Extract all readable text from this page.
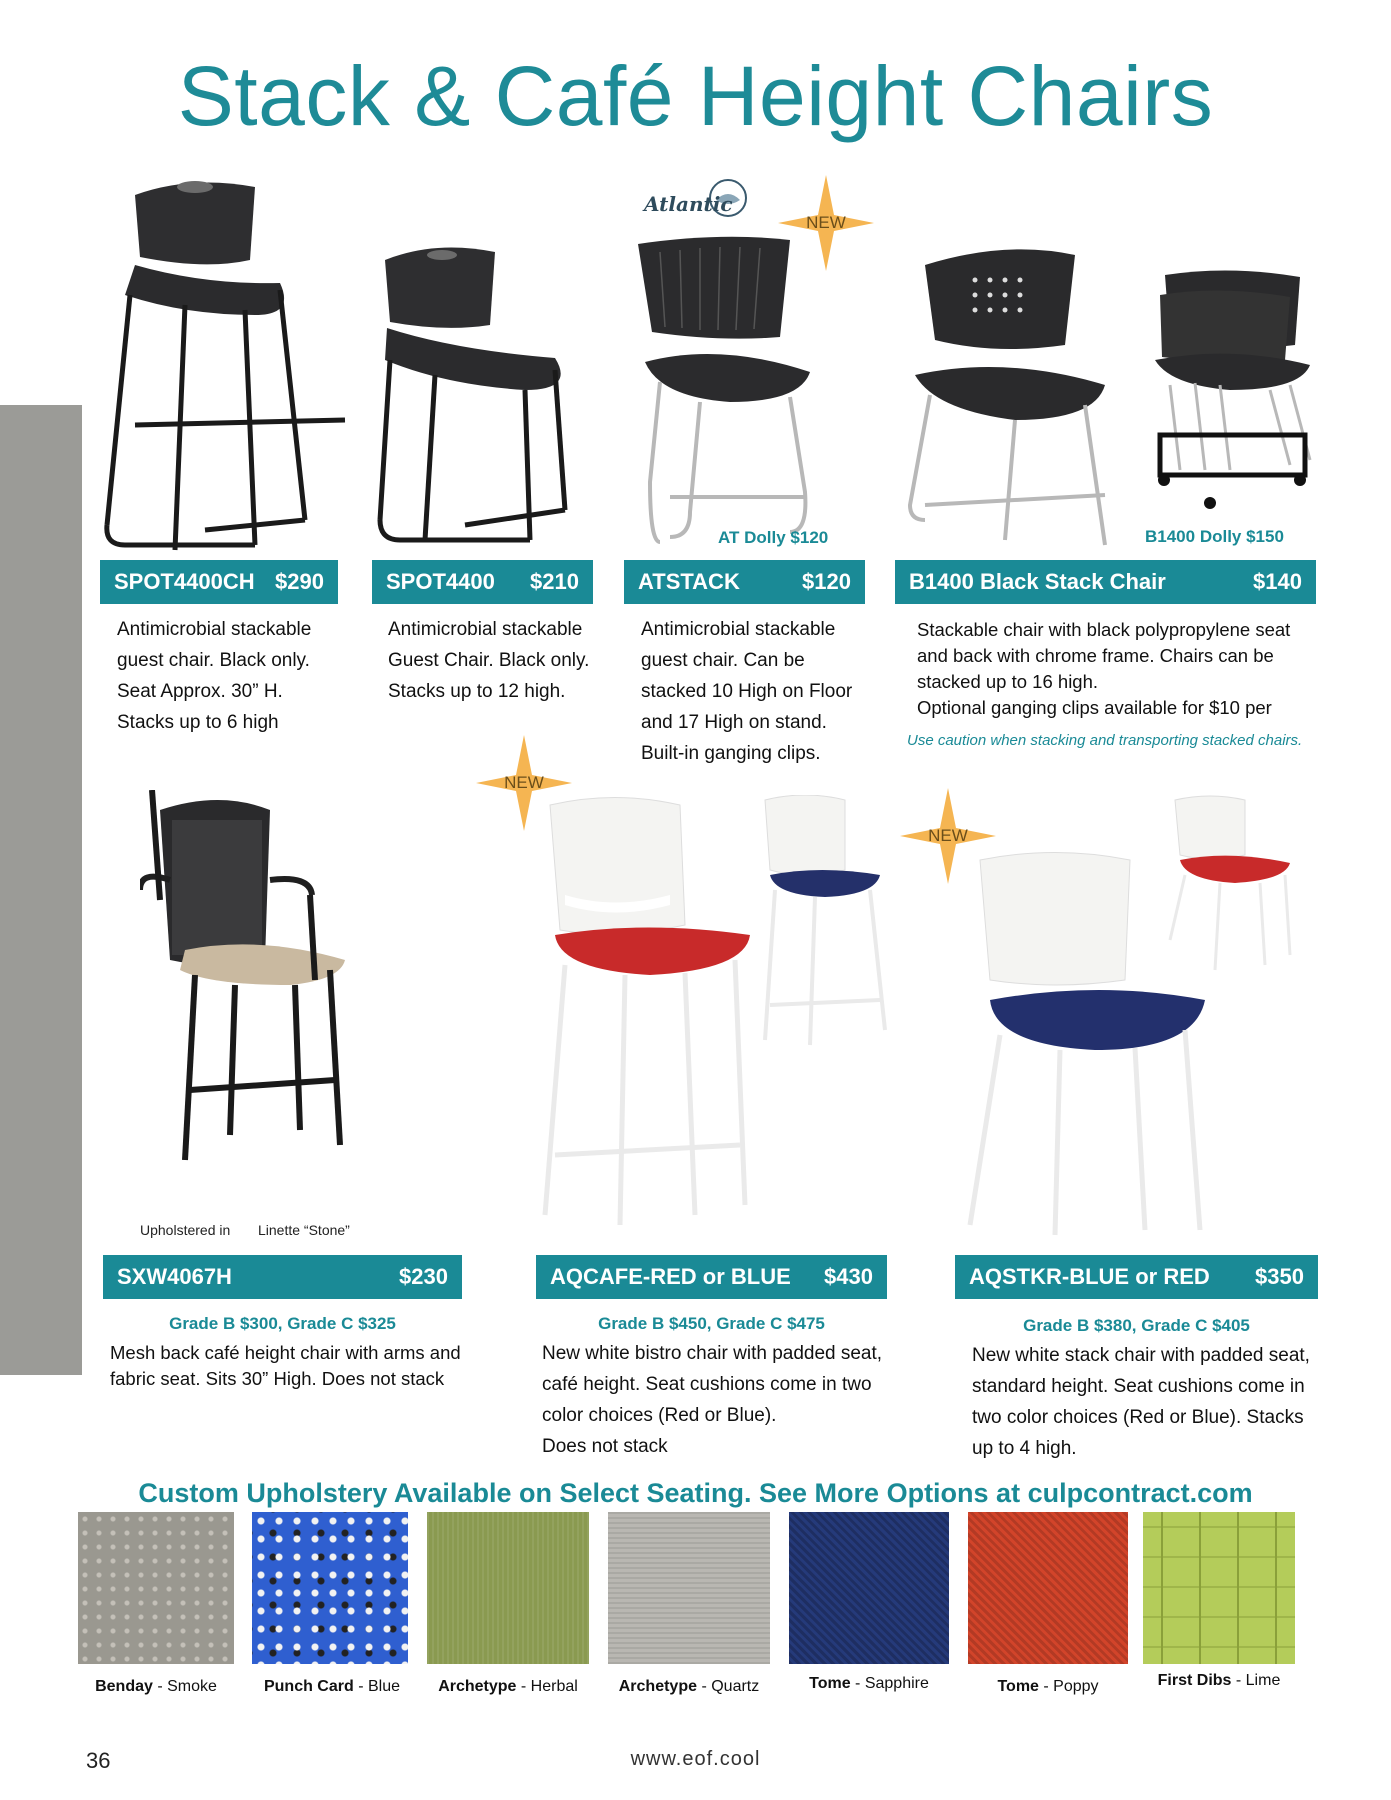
Stack & Café Height Chairs
Atlantic
NEW
AT Dolly $120	B1400 Dolly $150
SPOT4400CH $290	SPOT4400 $210	ATSTACK	$120	B1400 Black Stack Chair	$140
Antimicrobial stackable
guest chair. Black only.
Seat Approx. 30” H.
Stacks up to 6 high
Antimicrobial stackable
Guest Chair. Black only.
Stacks up to 12 high.
Antimicrobial stackable
guest chair. Can be
stacked 10 High on Floor
and 17 High on stand.
Built-in ganging clips.
Stackable chair with black polypropylene seat
and back with chrome frame. Chairs can be
stacked up to 16 high.
Optional ganging clips available for $10 per
Use caution when stacking and transporting stacked chairs.
Upholstered in Linette “Stone”
NEW
NEW
SXW4067H	$230	AQCAFE-RED or BLUE $430	AQSTKR-BLUE or RED $350
Grade B $300, Grade C $325	Grade B $450, Grade C $475	Grade B $380, Grade C $405
Mesh back café height chair with arms and
fabric seat. Sits 30” High. Does not stack
New white bistro chair with padded seat,
café height. Seat cushions come in two
color choices (Red or Blue).
Does not stack
New white stack chair with padded seat,
standard height. Seat cushions come in
two color choices (Red or Blue). Stacks
up to 4 high.
Custom Upholstery Available on Select Seating. See More Options at culpcontract.com
Benday - Smoke	Punch Card - Blue	Archetype - Herbal	Archetype - Quartz	Tome - Sapphire	Tome - Poppy	First Dibs - Lime
36	www.eof.cool
